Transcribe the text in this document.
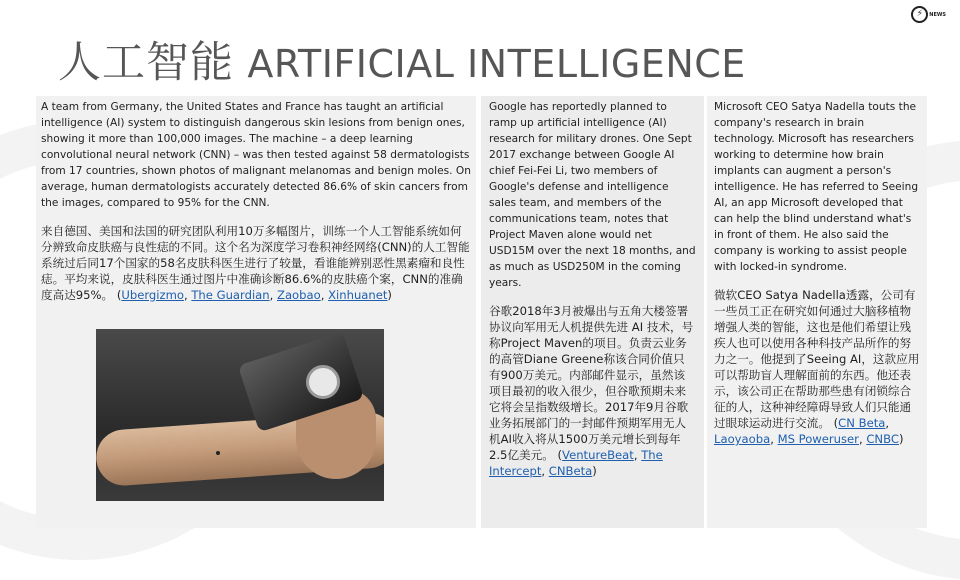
⚡	NEWS
人工智能 ARTIFICIAL INTELLIGENCE

A team from Germany, the United States and France has taught an artificial intelligence (AI) system to distinguish dangerous skin lesions from benign ones, showing it more than 100,000 images. The machine – a deep learning convolutional neural network (CNN) – was then tested against 58 dermatologists from 17 countries, shown photos of malignant melanomas and benign moles. On average, human dermatologists accurately detected 86.6% of skin cancers from the images, compared to 95% for the CNN.

来自德国、美国和法国的研究团队利用10万多幅图片，训练一个人工智能系统如何分辨致命皮肤癌与良性痣的不同。这个名为深度学习卷积神经网络(CNN)的人工智能系统过后同17个国家的58名皮肤科医生进行了较量，看谁能辨别恶性黑素瘤和良性痣。平均来说，皮肤科医生通过图片中准确诊断86.6%的皮肤癌个案，CNN的准确度高达95%。 (Ubergizmo, The Guardian, Zaobao, Xinhuanet)

Google has reportedly planned to ramp up artificial intelligence (AI) research for military drones. One Sept 2017 exchange between Google AI chief Fei-Fei Li, two members of Google's defense and intelligence sales team, and members of the communications team, notes that Project Maven alone would net USD15M over the next 18 months, and as much as USD250M in the coming years.

谷歌2018年3月被爆出与五角大楼签署协议向军用无人机提供先进 AI 技术，号称Project Maven的项目。负责云业务的高管Diane Greene称该合同价值只有900万美元。内部邮件显示，虽然该项目最初的收入很少，但谷歌预期未来它将会呈指数级增长。2017年9月谷歌业务拓展部门的一封邮件预期军用无人机AI收入将从1500万美元增长到每年2.5亿美元。 (VentureBeat, The Intercept, CNBeta)

Microsoft CEO Satya Nadella touts the company's research in brain technology. Microsoft has researchers working to determine how brain implants can augment a person's intelligence. He has referred to Seeing AI, an app Microsoft developed that can help the blind understand what's in front of them. He also said the company is working to assist people with locked-in syndrome.

微软CEO Satya Nadella透露，公司有一些员工正在研究如何通过大脑移植物增强人类的智能，这也是他们希望让残疾人也可以使用各种科技产品所作的努力之一。他提到了Seeing AI，这款应用可以帮助盲人理解面前的东西。他还表示，该公司正在帮助那些患有闭锁综合征的人，这种神经障碍导致人们只能通过眼球运动进行交流。 (CN Beta, Laoyaoba, MS Poweruser, CNBC)
